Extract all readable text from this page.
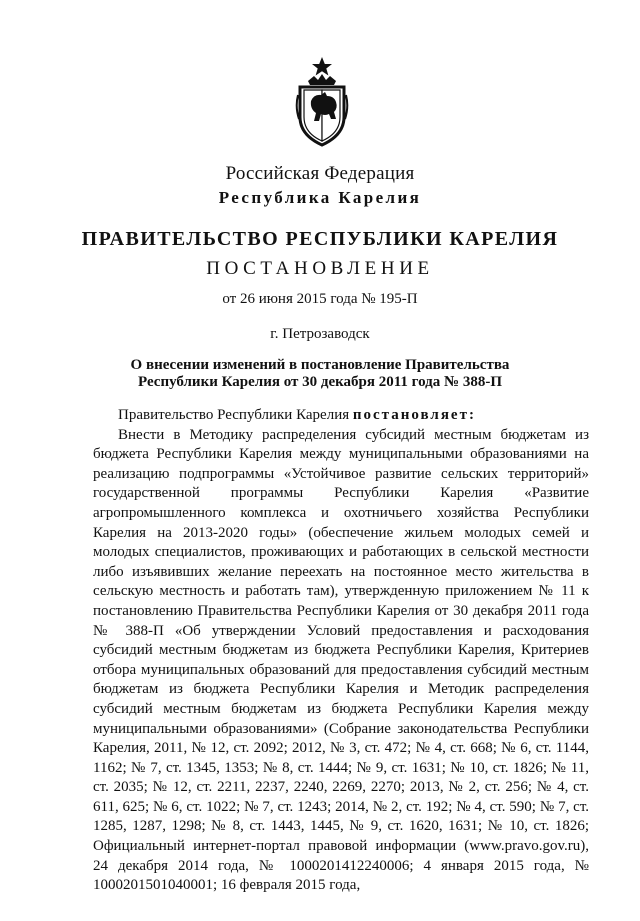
Российская Федерация

Республика Карелия

ПРАВИТЕЛЬСТВО РЕСПУБЛИКИ КАРЕЛИЯ

ПОСТАНОВЛЕНИЕ

от 26 июня 2015 года № 195-П

г. Петрозаводск

О внесении изменений в постановление Правительства
Республики Карелия от 30 декабря 2011 года № 388-П

Правительство Республики Карелия постановляет:

Внести в Методику распределения субсидий местным бюджетам из бюджета Республики Карелия между муниципальными образованиями на реализацию подпрограммы «Устойчивое развитие сельских территорий» государственной программы Республики Карелия «Развитие агропромышленного комплекса и охотничьего хозяйства Республики Карелия на 2013-2020 годы» (обеспечение жильем молодых семей и молодых специалистов, проживающих и работающих в сельской местности либо изъявивших желание переехать на постоянное место жительства в сельскую местность и работать там), утвержденную приложением № 11 к постановлению Правительства Республики Карелия от 30 декабря 2011 года № 388-П «Об утверждении Условий предоставления и расходования субсидий местным бюджетам из бюджета Республики Карелия, Критериев отбора муниципальных образований для предоставления субсидий местным бюджетам из бюджета Республики Карелия и Методик распределения субсидий местным бюджетам из бюджета Республики Карелия между муниципальными образованиями» (Собрание законодательства Республики Карелия, 2011, № 12, ст. 2092; 2012, № 3, ст. 472; № 4, ст. 668; № 6, ст. 1144, 1162; № 7, ст. 1345, 1353; № 8, ст. 1444; № 9, ст. 1631; № 10, ст. 1826; № 11, ст. 2035; № 12, ст. 2211, 2237, 2240, 2269, 2270; 2013, № 2, ст. 256; № 4, ст. 611, 625; № 6, ст. 1022; № 7, ст. 1243; 2014, № 2, ст. 192; № 4, ст. 590; № 7, ст. 1285, 1287, 1298; № 8, ст. 1443, 1445, № 9, ст. 1620, 1631; № 10, ст. 1826; Официальный интернет-портал правовой информации (www.pravo.gov.ru), 24 декабря 2014 года, № 1000201412240006; 4 января 2015 года, № 1000201501040001; 16 февраля 2015 года,
